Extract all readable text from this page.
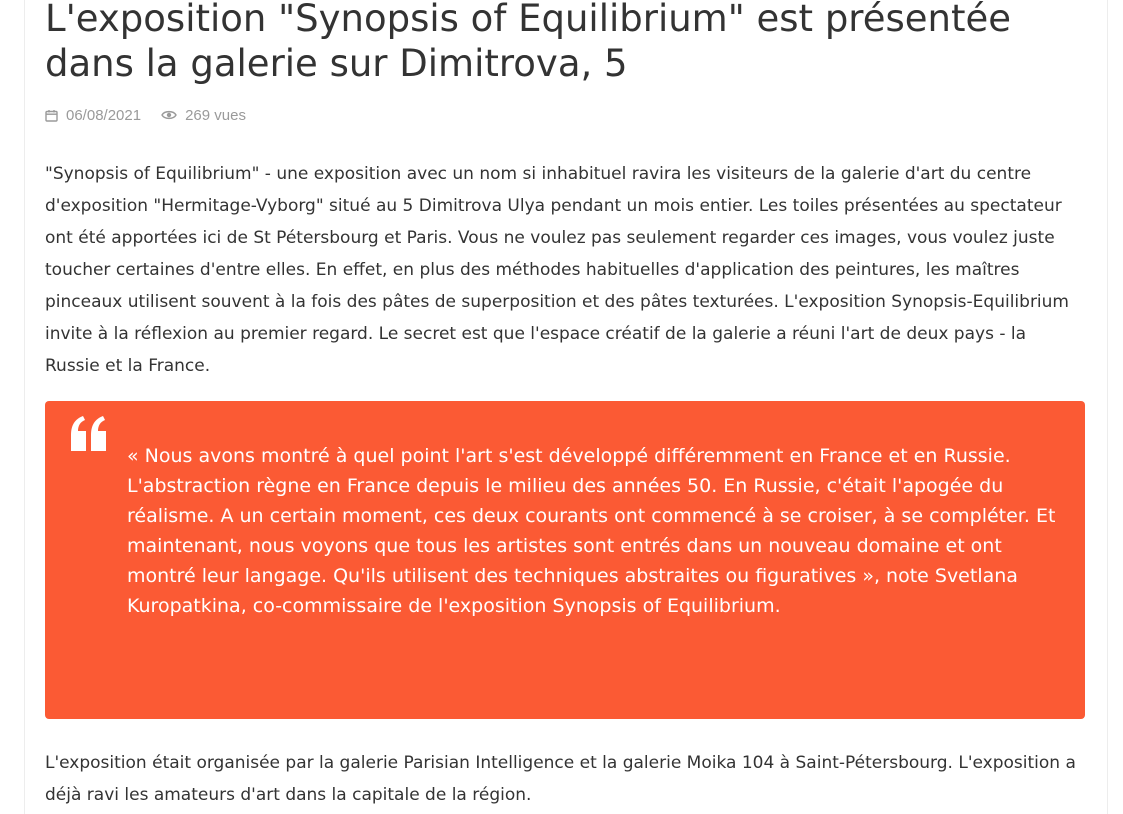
L'exposition "Synopsis of Equilibrium" est présentée dans la galerie sur Dimitrova, 5
06/08/2021	269 vues

"Synopsis of Equilibrium" - une exposition avec un nom si inhabituel ravira les visiteurs de la galerie d'art du centre d'exposition "Hermitage-Vyborg" situé au 5 Dimitrova Ulya pendant un mois entier. Les toiles présentées au spectateur ont été apportées ici de St Pétersbourg et Paris. Vous ne voulez pas seulement regarder ces images, vous voulez juste toucher certaines d'entre elles. En effet, en plus des méthodes habituelles d'application des peintures, les maîtres pinceaux utilisent souvent à la fois des pâtes de superposition et des pâtes texturées. L'exposition Synopsis-Equilibrium invite à la réflexion au premier regard. Le secret est que l'espace créatif de la galerie a réuni l'art de deux pays - la Russie et la France.

« Nous avons montré à quel point l'art s'est développé différemment en France et en Russie. L'abstraction règne en France depuis le milieu des années 50. En Russie, c'était l'apogée du réalisme. A un certain moment, ces deux courants ont commencé à se croiser, à se compléter. Et maintenant, nous voyons que tous les artistes sont entrés dans un nouveau domaine et ont montré leur langage. Qu'ils utilisent des techniques abstraites ou figuratives », note Svetlana Kuropatkina, co-commissaire de l'exposition Synopsis of Equilibrium.

L'exposition était organisée par la galerie Parisian Intelligence et la galerie Moika 104 à Saint-Pétersbourg. L'exposition a déjà ravi les amateurs d'art dans la capitale de la région.
